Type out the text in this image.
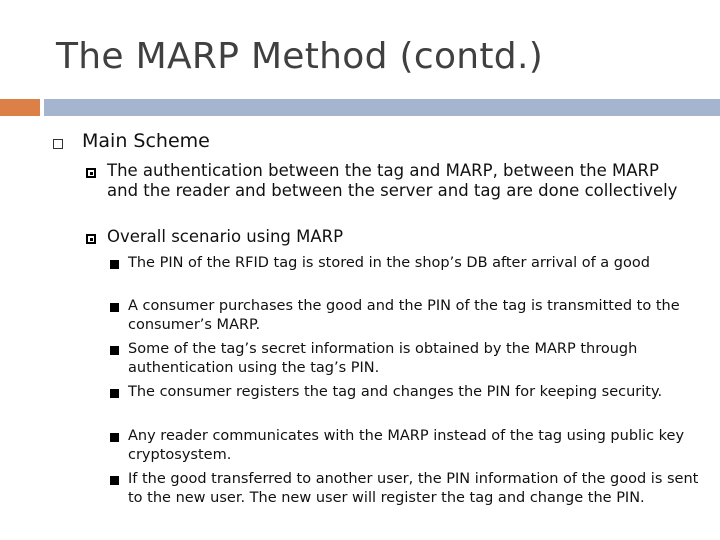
The MARP Method (contd.)
Main Scheme
The authentication between the tag and MARP, between the MARP and the reader and between the server and tag are done collectively
Overall scenario using MARP
The PIN of the RFID tag is stored in the shop’s DB after arrival of a good
A consumer purchases the good and the PIN of the tag is transmitted to the consumer’s MARP.
Some of the tag’s secret information is obtained by the MARP through authentication using the tag’s PIN.
The consumer registers the tag and changes the PIN for keeping security.
Any reader communicates with the MARP instead of the tag using public key cryptosystem.
If the good transferred to another user, the PIN information of the good is sent to the new user. The new user will register the tag and change the PIN.
